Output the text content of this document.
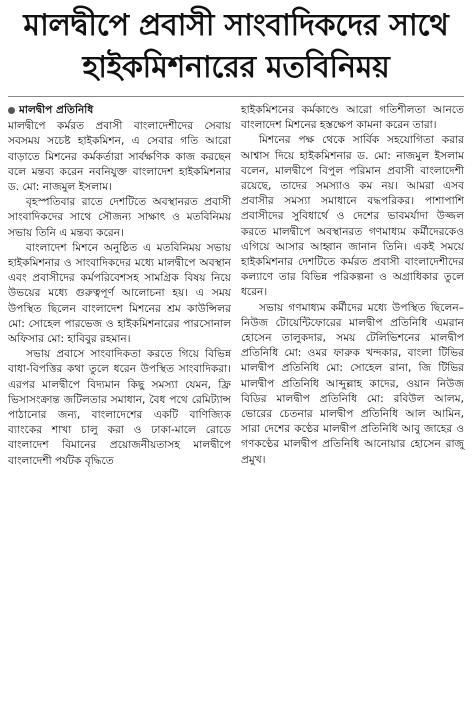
মালদ্বীপে প্রবাসী সাংবাদিকদের সাথে
হাইকমিশনারের মতবিনিময়
মালদ্বীপ প্রতিনিধি

মালদ্বীপে কর্মরত প্রবাসী বাংলাদেশীদের সেবায় সবসময় সচেষ্ট হাইকমিশন, এ সেবার গতি আরো বাড়াতে মিশনের কর্মকর্তারা সার্বক্ষণিক কাজ করছেন বলে মন্তব্য করেন নবনিযুক্ত বাংলাদেশ হাইকমিশনার ড. মো: নাজমুল ইসলাম।

বৃহস্পতিবার রাতে দেশটিতে অবস্থানরত প্রবাসী সাংবাদিকদের সাথে সৌজন্য সাক্ষাৎ ও মতবিনিময় সভায় তিনি এ মন্তব্য করেন।

বাংলাদেশ মিশনে অনুষ্ঠিত এ মতবিনিময় সভায় হাইকমিশনার ও সাংবাদিকদের মধ্যে মালদ্বীপে অবস্থান এবং প্রবাসীদের কর্মপরিবেশসহ সামগ্রিক বিষয় নিয়ে উভয়ের মধ্যে গুরুত্বপূর্ণ আলোচনা হয়। এ সময় উপস্থিত ছিলেন বাংলাদেশ মিশনের শ্রম কাউন্সিলর মো: সোহেল পারভেজ ও হাইকমিশনারের পারসোনাল অফিসার মো: হাবিবুর রহমান।

সভায় প্রবাসে সাংবাদিকতা করতে গিয়ে বিভিন্ন বাধা-বিপত্তির কথা তুলে ধরেন উপস্থিত সাংবাদিকরা। এরপর মালদ্বীপে বিদ্যমান কিছু সমস্যা যেমন, ফ্রি ভিসাসংক্রান্ত জটিলতার সমাধান, বৈধ পথে রেমিট্যান্স পাঠানোর জন্য, বাংলাদেশের একটি বাণিজ্যিক ব্যাংকের শাখা চালু করা ও ঢাকা-মালে রোডে বাংলাদেশ বিমানের প্রয়োজনীয়তাসহ মালদ্বীপে বাংলাদেশী পর্যটক বৃদ্ধিতে

হাইকমিশনের কর্মকাণ্ডে আরো গতিশীলতা আনতে বাংলাদেশ মিশনের হস্তক্ষেপ কামনা করেন তারা।

মিশনের পক্ষ থেকে সার্বিক সহযোগিতা করার আশ্বাস দিয়ে হাইকমিশনার ড. মো: নাজমুল ইসলাম বলেন, মালদ্বীপে বিপুল পরিমান প্রবাসী বাংলাদেশী রয়েছে, তাদের সমস্যাও কম নয়। আমরা এসব প্রবাসীর সমস্যা সমাধানে বদ্ধপরিকর। পাশাপাশি প্রবাসীদের সুবিধার্থে ও দেশের ভাবমর্যাদা উজ্জল করতে মালদ্বীপে অবস্থানরত গণমাধ্যম কর্মীদেরকেও এগিয়ে আসার আহ্বান জানান তিনি। একই সময়ে হাইকমিশনার দেশটিতে কর্মরত প্রবাসী বাংলাদেশীদের কল্যাণে তার বিভিন্ন পরিকল্পনা ও অগ্রাধিকার তুলে ধরেন।

সভায় গণমাধ্যম কর্মীদের মধ্যে উপস্থিত ছিলেন– নিউজ টোয়েন্টিফোরের মালদ্বীপ প্রতিনিধি এমরান হোসেন তালুকদার, সময় টেলিভিশনের মালদ্বীপ প্রতিনিধি মো: ওমর ফারুক খন্দকার, বাংলা টিভির মালদ্বীপ প্রতিনিধি মো: সোহেল রানা, জি টিভির মালদ্বীপ প্রতিনিধি আব্দুল্লাহ কাদের, ওয়ান নিউজ বিডির মালদ্বীপ প্রতিনিধি মো: রবিউল আলম, ভোরের চেতনার মালদ্বীপ প্রতিনিধি আল আমিন, সারা দেশের কণ্ঠের মালদ্বীপ প্রতিনিধি আবু জাহের ও গণকণ্ঠের মালদ্বীপ প্রতিনিধি আনোয়ার হোসেন রাজু প্রমুখ।
